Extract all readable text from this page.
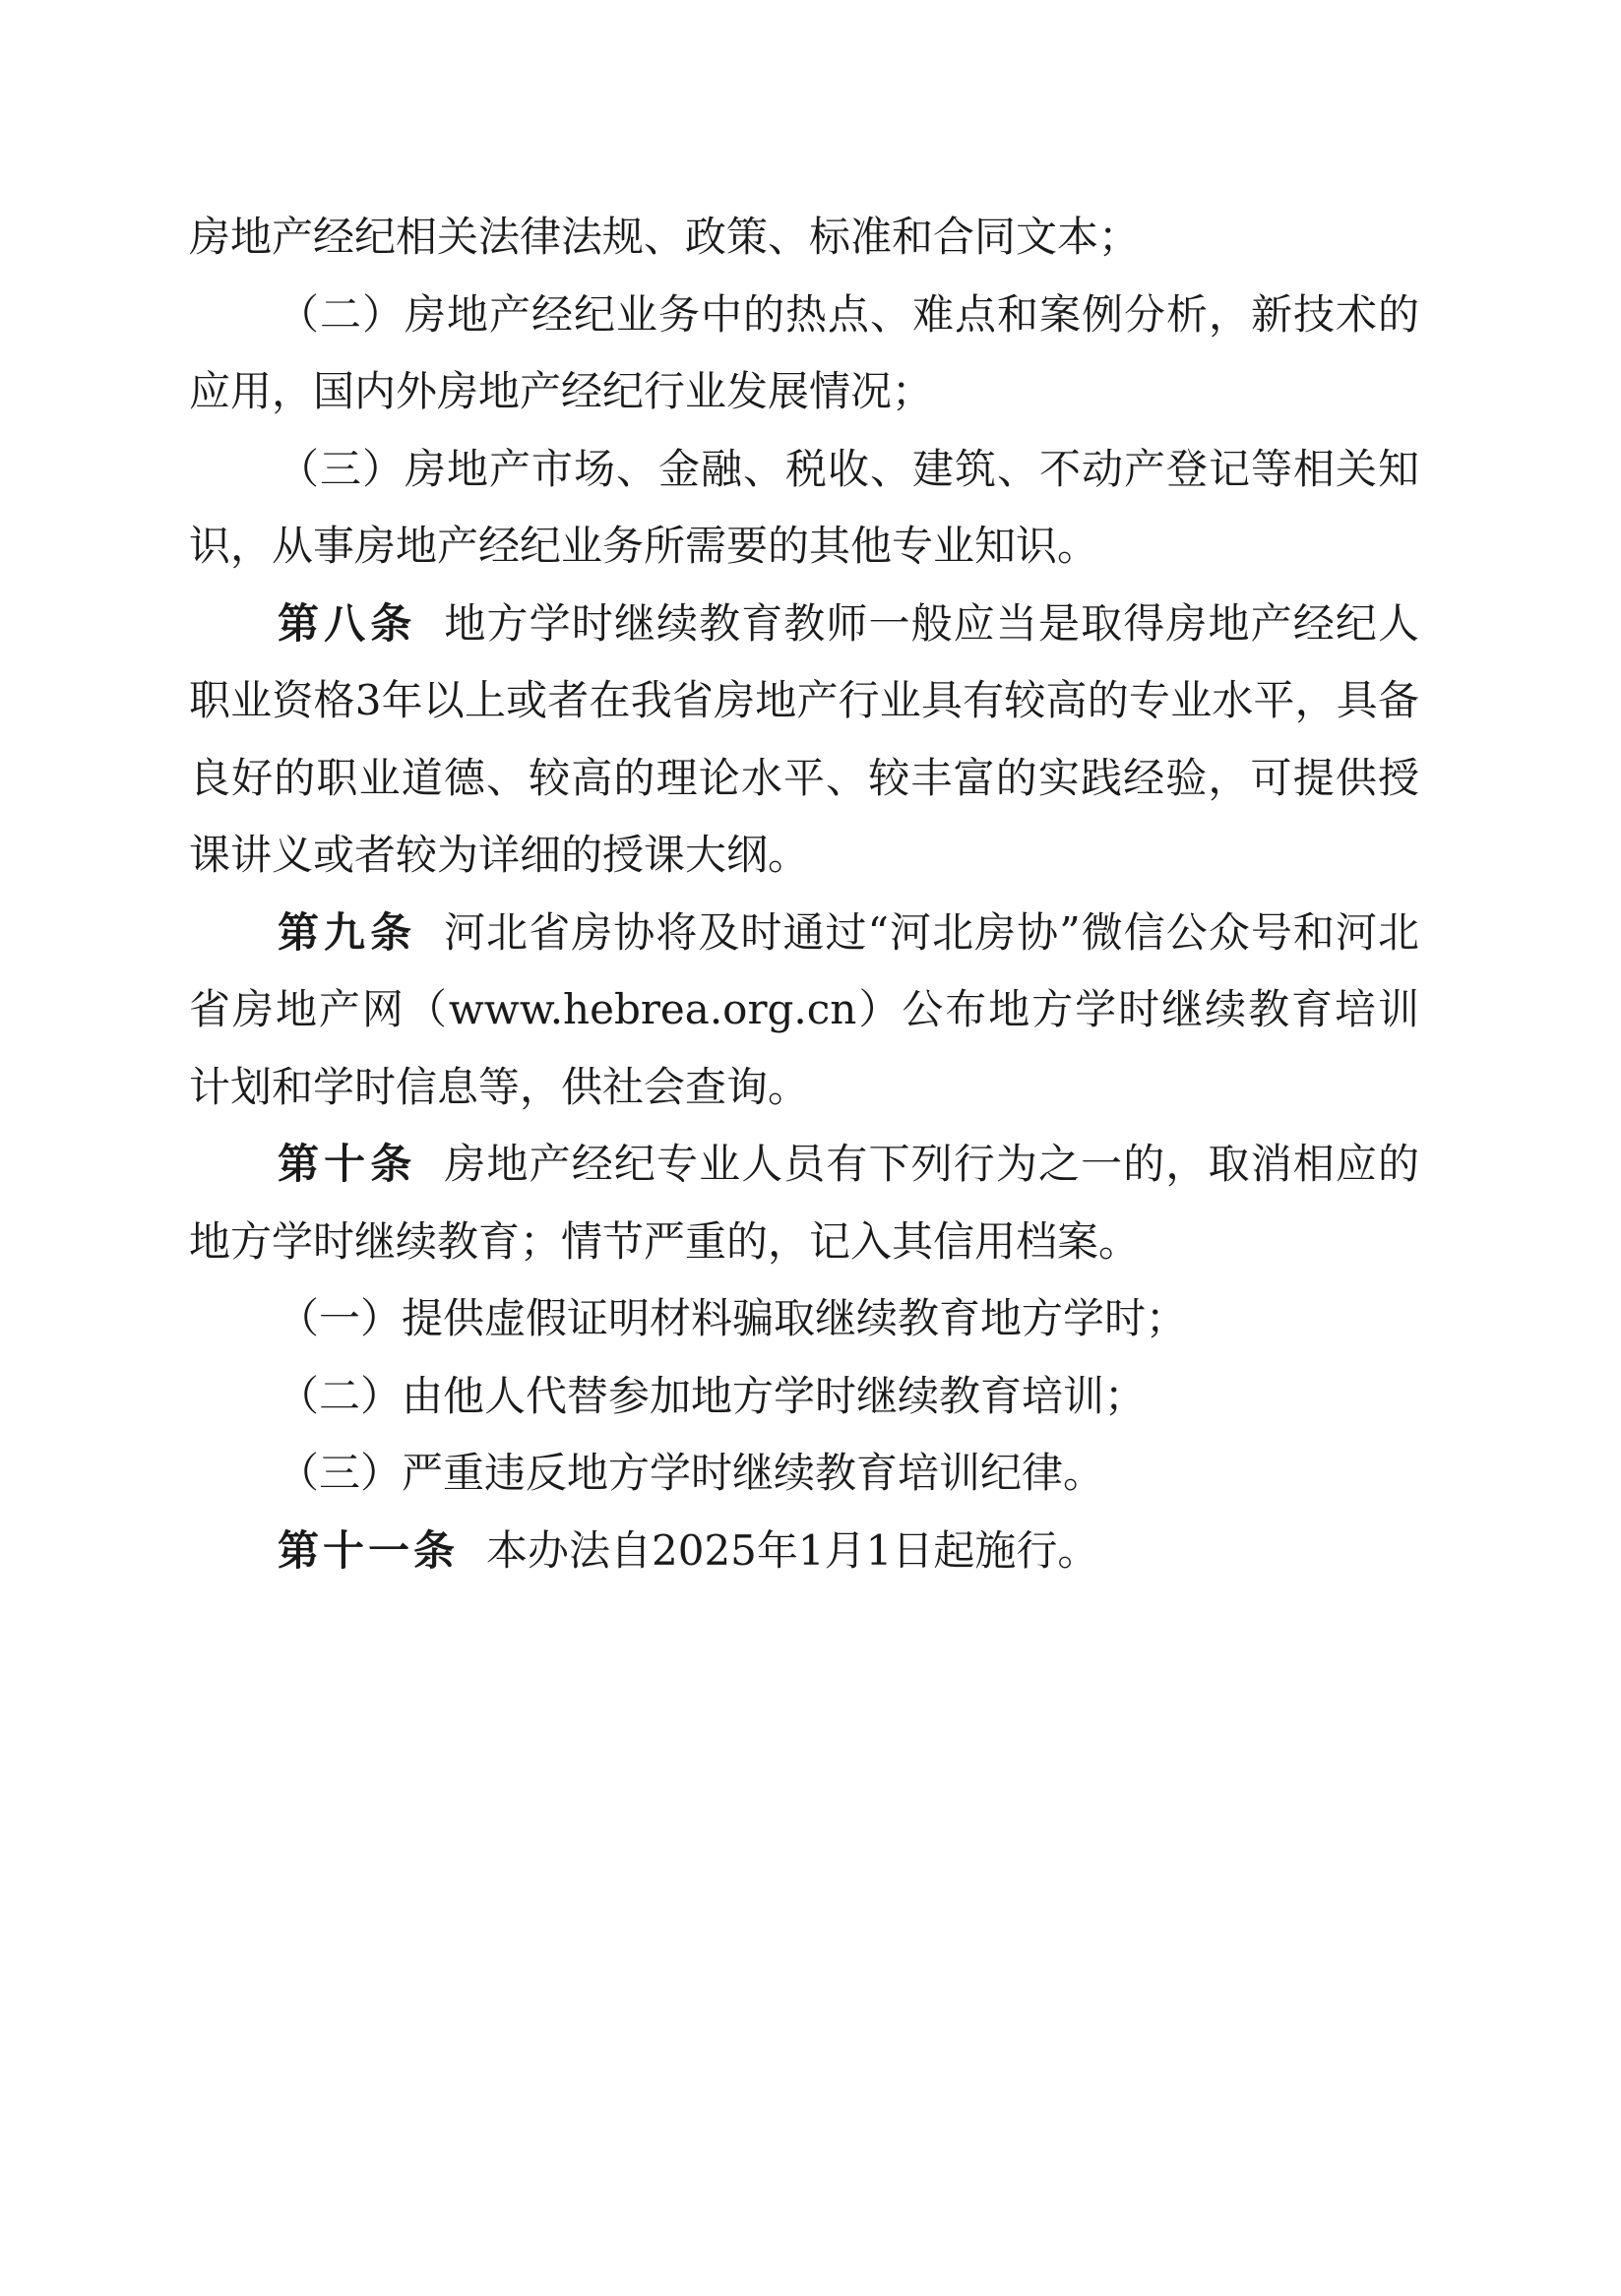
房地产经纪相关法律法规、政策、标准和合同文本；

（二）房地产经纪业务中的热点、难点和案例分析，新技术的应用，国内外房地产经纪行业发展情况；

（三）房地产市场、金融、税收、建筑、不动产登记等相关知识，从事房地产经纪业务所需要的其他专业知识。

第八条 地方学时继续教育教师一般应当是取得房地产经纪人职业资格3年以上或者在我省房地产行业具有较高的专业水平，具备良好的职业道德、较高的理论水平、较丰富的实践经验，可提供授课讲义或者较为详细的授课大纲。

第九条 河北省房协将及时通过“河北房协”微信公众号和河北省房地产网（www.hebrea.org.cn）公布地方学时继续教育培训计划和学时信息等，供社会查询。

第十条 房地产经纪专业人员有下列行为之一的，取消相应的地方学时继续教育；情节严重的，记入其信用档案。

（一）提供虚假证明材料骗取继续教育地方学时；

（二）由他人代替参加地方学时继续教育培训；

（三）严重违反地方学时继续教育培训纪律。

第十一条 本办法自2025年1月1日起施行。
